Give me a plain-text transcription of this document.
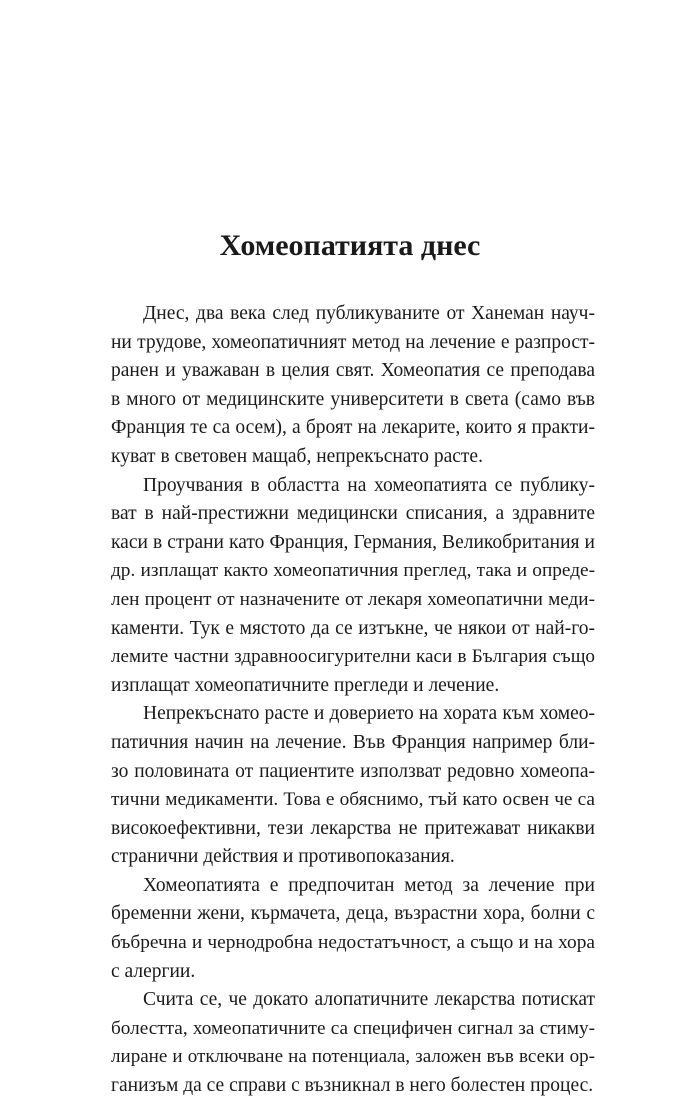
Хомеопатията днес
Днес, два века след публикуваните от Ханеман науч-
ни трудове, хомеопатичният метод на лечение е разпрост-
ранен и уважаван в целия свят. Хомеопатия се преподава
в много от медицинските университети в света (само във
Франция те са осем), а броят на лекарите, които я практи-
куват в световен мащаб, непрекъснато расте.
Проучвания в областта на хомеопатията се публику-
ват в най-престижни медицински списания, а здравните
каси в страни като Франция, Германия, Великобритания и
др. изплащат както хомеопатичния преглед, така и опреде-
лен процент от назначените от лекаря хомеопатични меди-
каменти. Тук е мястото да се изтъкне, че някои от най-го-
лемите частни здравноосигурителни каси в България също
изплащат хомеопатичните прегледи и лечение.
Непрекъснато расте и доверието на хората към хомео-
патичния начин на лечение. Във Франция например бли-
зо половината от пациентите използват редовно хомеопа-
тични медикаменти. Това е обяснимо, тъй като освен че са
високоефективни, тези лекарства не притежават никакви
странични действия и противопоказания.
Хомеопатията е предпочитан метод за лечение при
бременни жени, кърмачета, деца, възрастни хора, болни с
бъбречна и чернодробна недостатъчност, а също и на хора
с алергии.
Счита се, че докато алопатичните лекарства потискат
болестта, хомеопатичните са специфичен сигнал за стиму-
лиране и отключване на потенциала, заложен във всеки ор-
ганизъм да се справи с възникнал в него болестен процес.
